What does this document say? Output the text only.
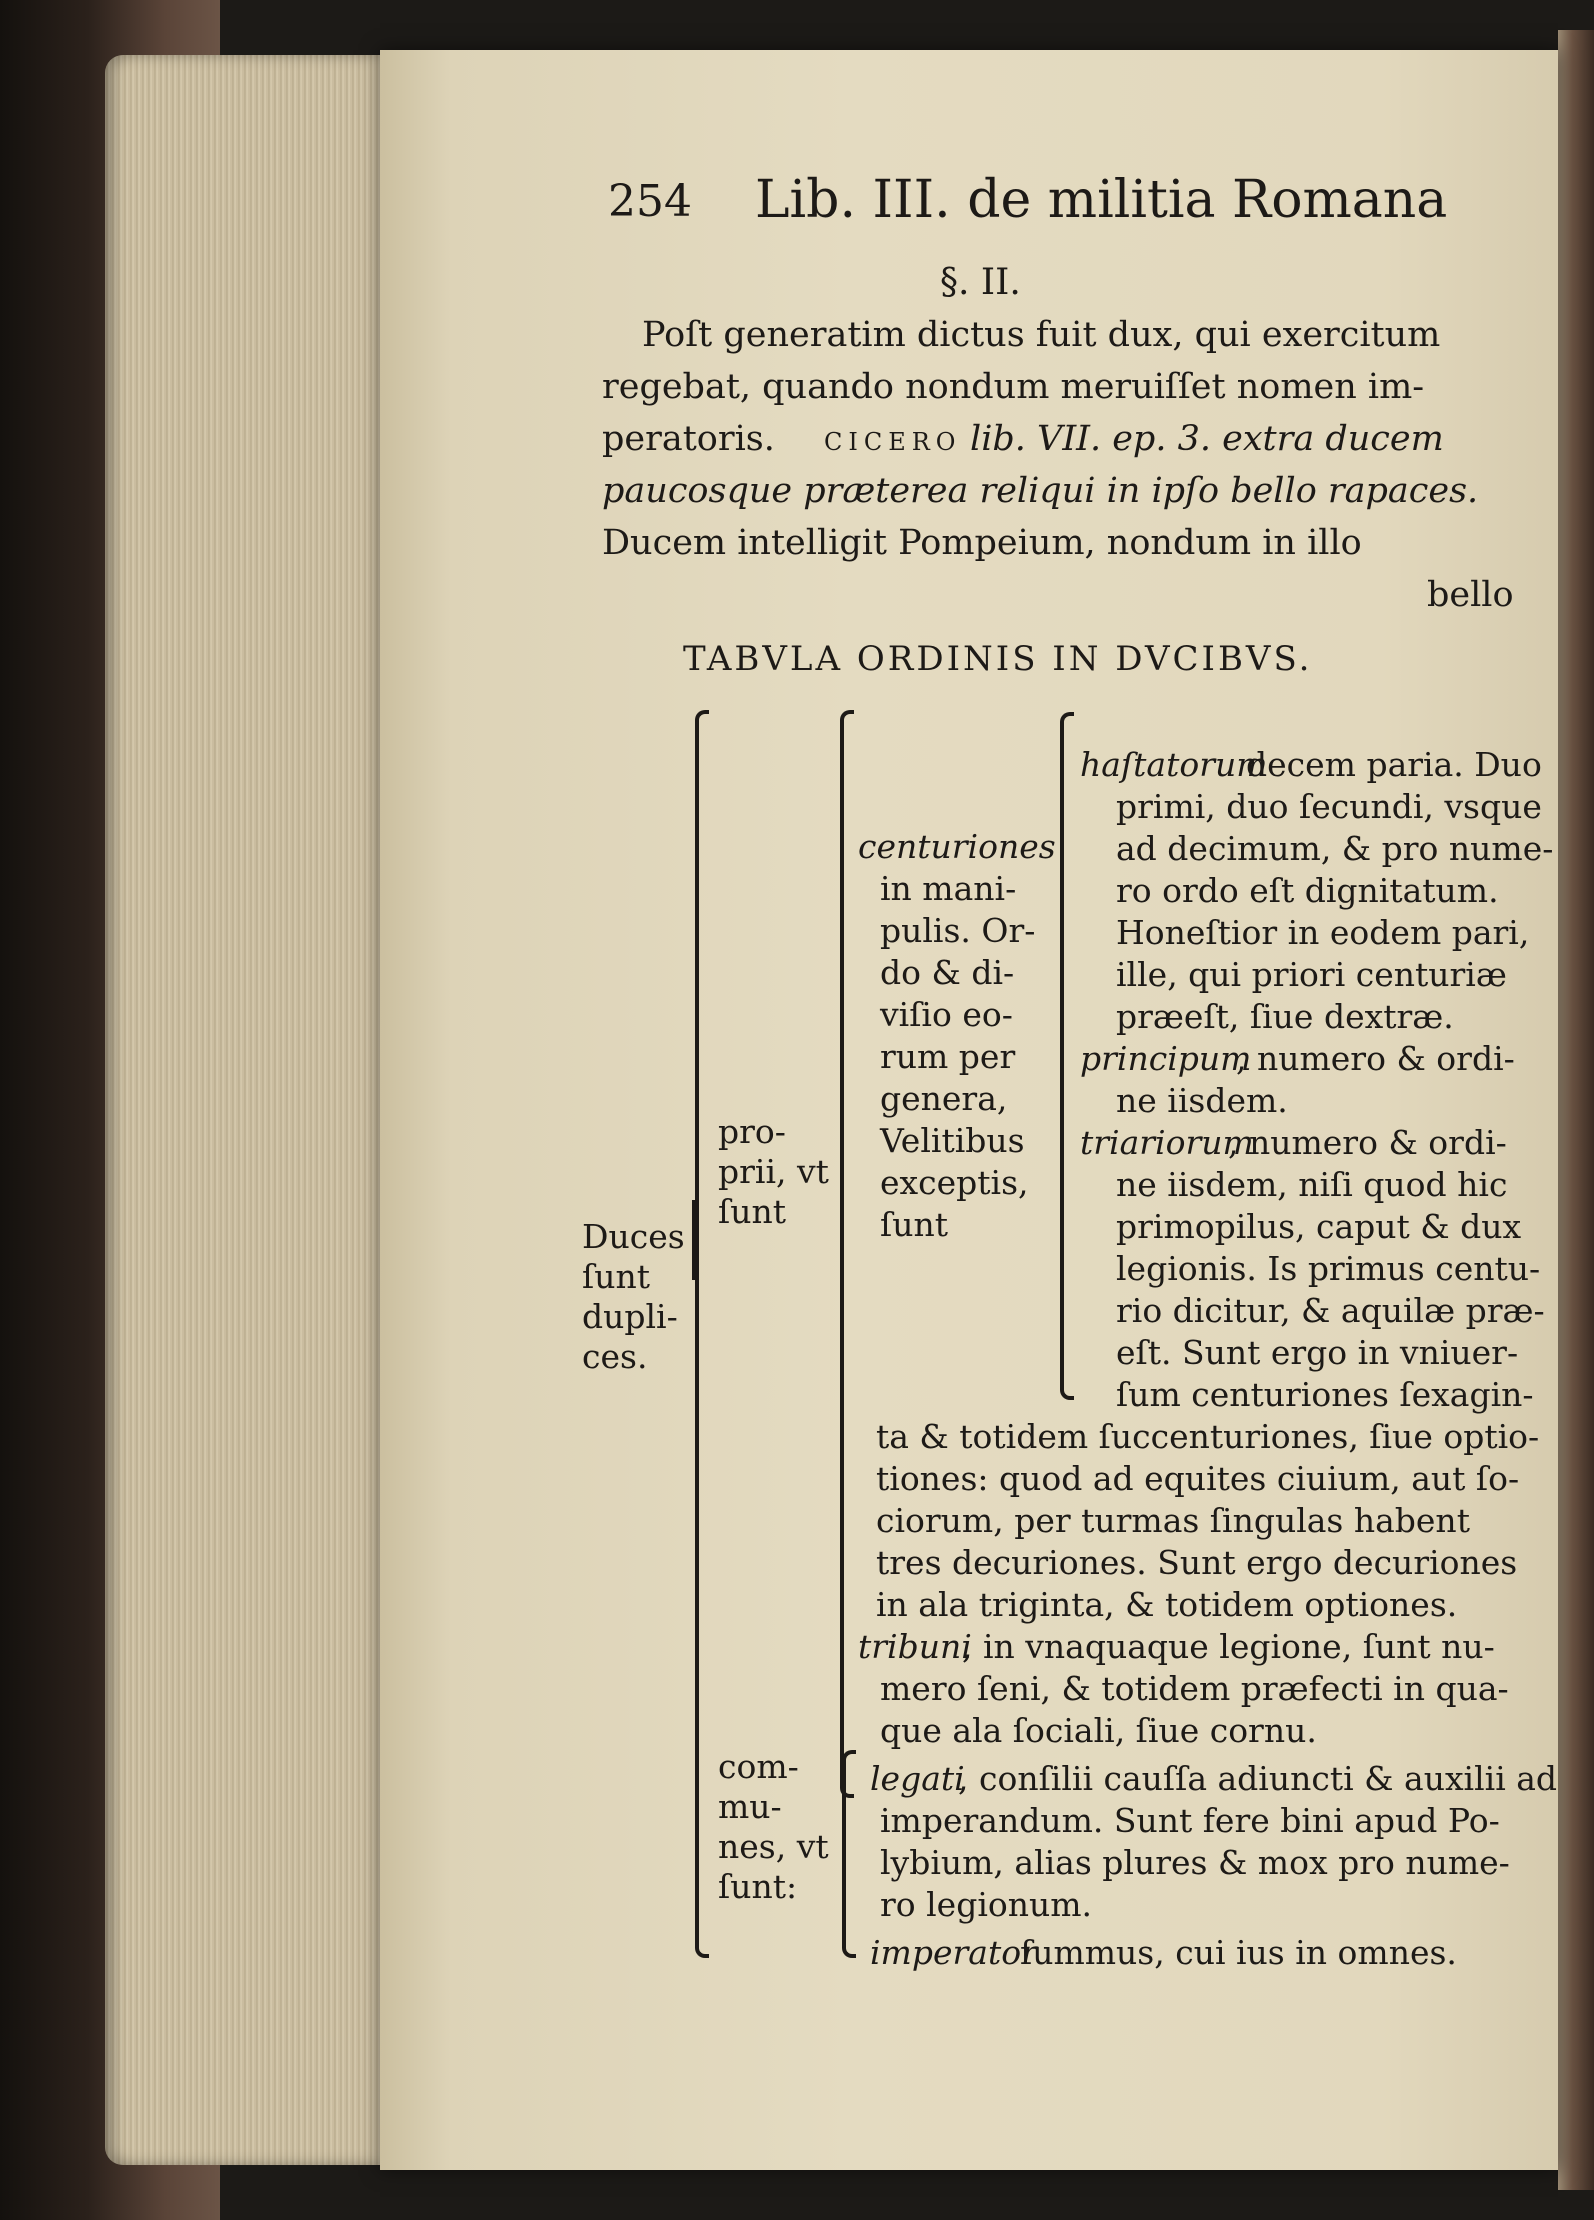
254 Lib. III. de militia Romana
§. II.
Poſt generatim dictus fuit dux, qui exercitum
regebat, quando nondum meruiſſet nomen im-
peratoris. CICERO lib. VII. ep. 3. extra ducem
paucosque præterea reliqui in ipſo bello rapaces.
Ducem intelligit Pompeium, nondum in illo
bello
TABVLA ORDINIS IN DVCIBVS.
Duces
ſunt
dupli-
ces.
pro-
prii, vt
ſunt
com-
mu-
nes, vt
ſunt:
centuriones
in mani-
pulis. Or-
do & di-
viſio eo-
rum per
genera,
Velitibus
exceptis,
ſunt
haſtatorum
decem paria. Duo
primi, duo ſecundi, vsque
ad decimum, & pro nume-
ro ordo eſt dignitatum.
Honeſtior in eodem pari,
ille, qui priori centuriæ
præeſt, ſiue dextræ.
principum
, numero & ordi-
ne iisdem.
triariorum
, numero & ordi-
ne iisdem, niſi quod hic
primopilus, caput & dux
legionis. Is primus centu-
rio dicitur, & aquilæ præ-
eſt. Sunt ergo in vniuer-
ſum centuriones ſexagin-
ta & totidem ſuccenturiones, ſiue optio-
tiones: quod ad equites ciuium, aut ſo-
ciorum, per turmas ſingulas habent
tres decuriones. Sunt ergo decuriones
in ala triginta, & totidem optiones.
tribuni
, in vnaquaque legione, ſunt nu-
mero ſeni, & totidem præfecti in qua-
que ala ſociali, ſiue cornu.
legati
, conſilii cauſſa adiuncti & auxilii ad
imperandum. Sunt fere bini apud Po-
lybium, alias plures & mox pro nume-
ro legionum.
imperator
ſummus, cui ius in omnes.
